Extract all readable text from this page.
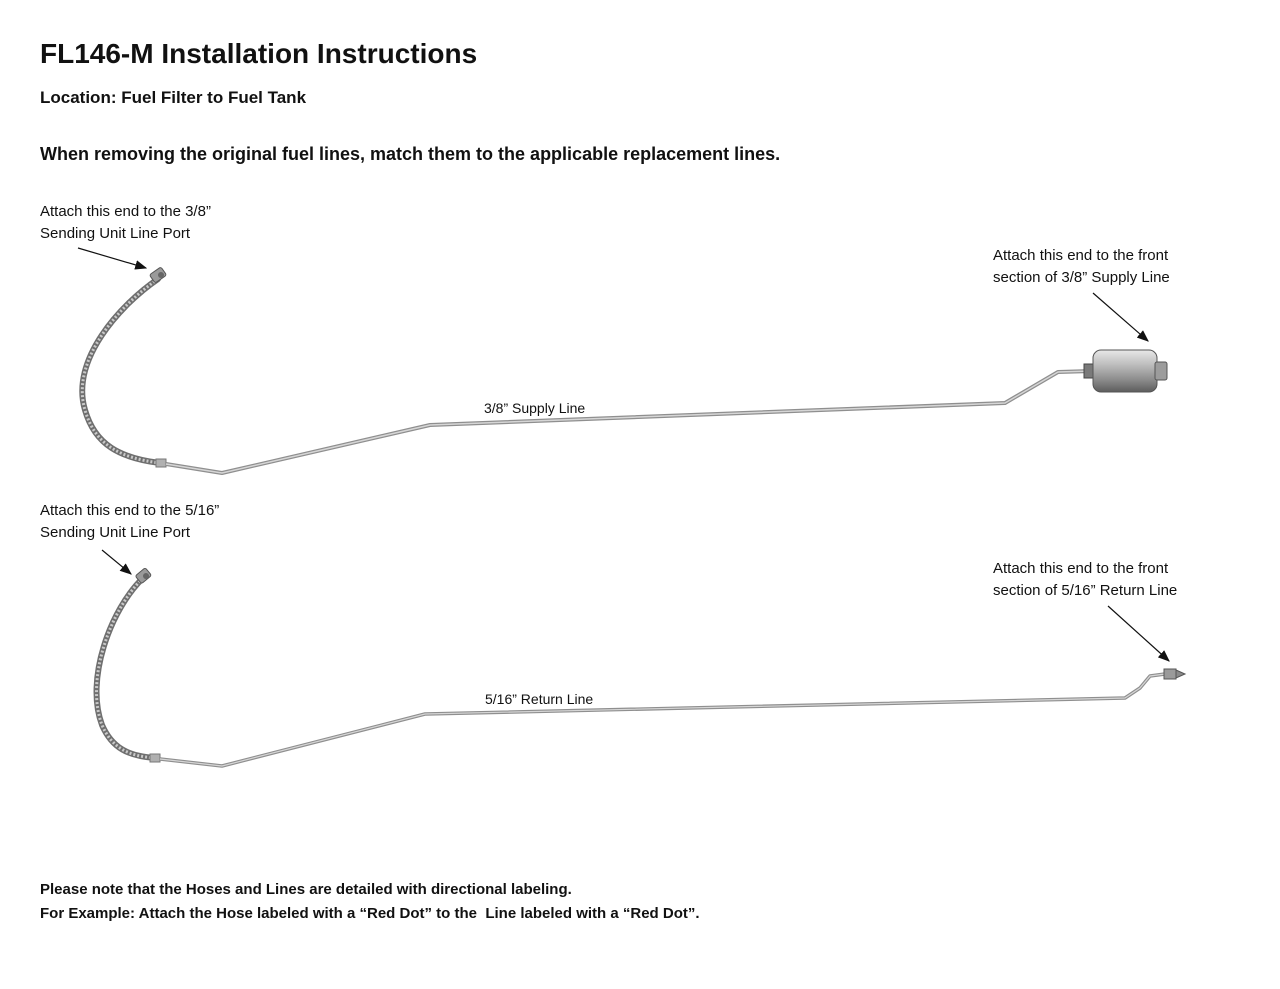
FL146-M Installation Instructions
Location: Fuel Filter to Fuel Tank
When removing the original fuel lines, match them to the applicable replacement lines.
Attach this end to the 3/8”
Sending Unit Line Port
Attach this end to the front
section of 3/8” Supply Line
3/8” Supply Line
Attach this end to the 5/16”
Sending Unit Line Port
Attach this end to the front
section of 5/16” Return Line
5/16” Return Line
Please note that the Hoses and Lines are detailed with directional labeling.
For Example: Attach the Hose labeled with a “Red Dot” to the  Line labeled with a “Red Dot”.
